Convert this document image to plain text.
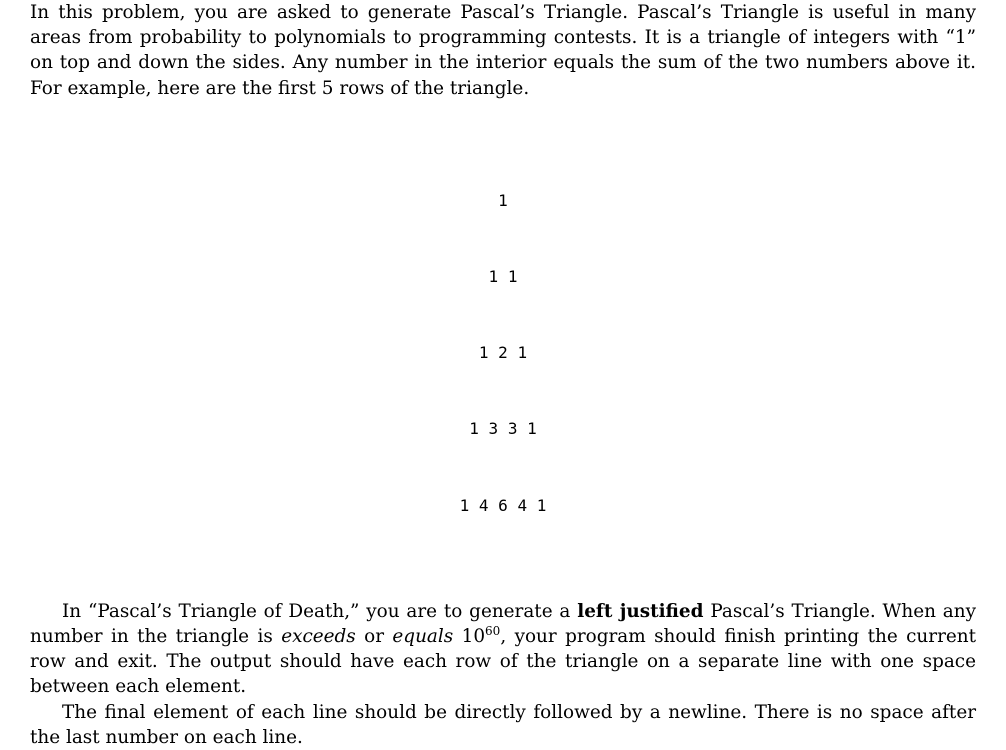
In this problem, you are asked to generate Pascal’s Triangle. Pascal’s Triangle is useful in many areas from probability to polynomials to programming contests. It is a triangle of integers with “1” on top and down the sides. Any number in the interior equals the sum of the two numbers above it. For example, here are the first 5 rows of the triangle.

1

1 1

1 2 1

1 3 3 1

1 4 6 4 1

In “Pascal’s Triangle of Death,” you are to generate a left justified Pascal’s Triangle. When any number in the triangle is exceeds or equals $10^{60}$, your program should finish printing the current row and exit. The output should have each row of the triangle on a separate line with one space between each element.

The final element of each line should be directly followed by a newline. There is no space after the last number on each line.
